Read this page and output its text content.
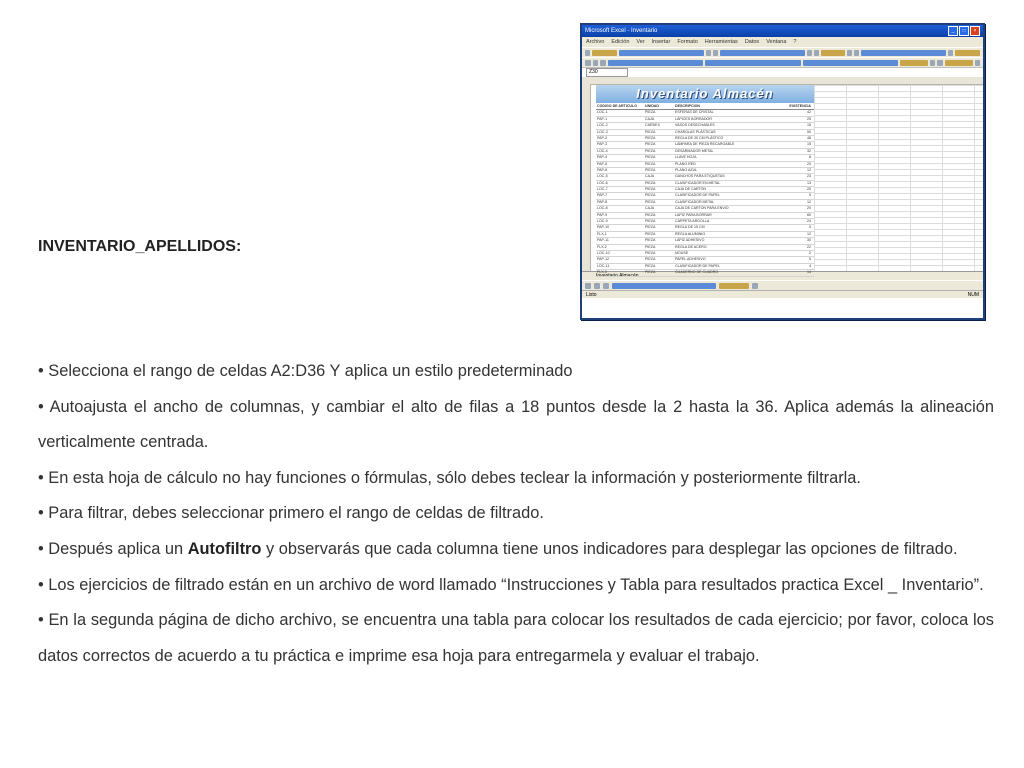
INVENTARIO_APELLIDOS:
Microsoft Excel - Inventario	_	□	×
Archivo Edición Ver Insertar Formato Herramientas Datos Ventana ?
Z30
Inventario Almacén
CODIGO DE ARTICULO	UNIDAD	DESCRIPCION	EXISTENCIA
LOC-1	PIEZA	ESFERAS DE CRISTAL	42
PAP-1	CAJA	LÁPICES BORRADOR	25
LOC-2	CARDEX	VASOS DESECHABLES	15
LOC-3	PIEZA	CHAROLAS PLÁSTICAS	50
PAP-2	PIEZA	REGLA DE 30 CM PLÁSTICO	48
PAP-3	PIEZA	LÁMPARA DE PIEZA RECARGABLE	15
LOC-4	PIEZA	DESARMADOR METAL	32
PAP-4	PIEZA	LLAVE HOJA	8
PAP-5	PIEZA	PLANO RED	20
PAP-6	PIEZA	PLANO AZUL	12
LOC-5	CAJA	GANCHOS PARA ETIQUETAS	23
LOC-6	PIEZA	CLASIFICADOR EN METAL	13
LOC-7	PIEZA	CAJA DE CARTON	25
PAP-7	PIEZA	CLASIFICADOR DE PAPEL	5
PAP-8	PIEZA	CLASIFICADOR METAL	12
LOC-8	CAJA	CAJA DE CARTON PARA ENVIO	20
PAP-9	PIEZA	LAPIZ PARA BORRAR	60
LOC-9	PIEZA	CARPETA ARGOLLA	24
PAP-10	PIEZA	REGLA DE 15 CM	5
FLX-1	PIEZA	REGLA ALUMINIO	12
PAP-11	PIEZA	LÁPIZ ADHESIVO	30
FLX-2	PIEZA	REGLA DE ACERO	22
LOC-10	PIEZA	MOUSE	2
PAP-12	PIEZA	PAPEL ADHESIVO	5
LOC-11	PIEZA	CLASIFICADOR DE PAPEL	4
FLX-3	PIEZA	CUADERNO DE CUADRO	14
Inventario Almacén
Listo	NUM

• Selecciona el rango de celdas A2:D36 Y aplica un estilo predeterminado

• Autoajusta el ancho de columnas, y cambiar el alto de filas a 18 puntos desde la 2 hasta la 36. Aplica además la alineación verticalmente centrada.

• En esta hoja de cálculo no hay funciones o fórmulas, sólo debes teclear la información y posteriormente filtrarla.

• Para filtrar, debes seleccionar primero el rango de celdas de filtrado.

• Después aplica un Autofiltro y observarás que cada columna tiene unos indicadores para desplegar las opciones de filtrado.

• Los ejercicios de filtrado están en un archivo de word llamado “Instrucciones y Tabla para resultados practica Excel _ Inventario”.

• En la segunda página de dicho archivo, se encuentra una tabla para colocar los resultados de cada ejercicio; por favor, coloca los datos correctos de acuerdo a tu práctica e imprime esa hoja para entregarmela y evaluar el trabajo.
